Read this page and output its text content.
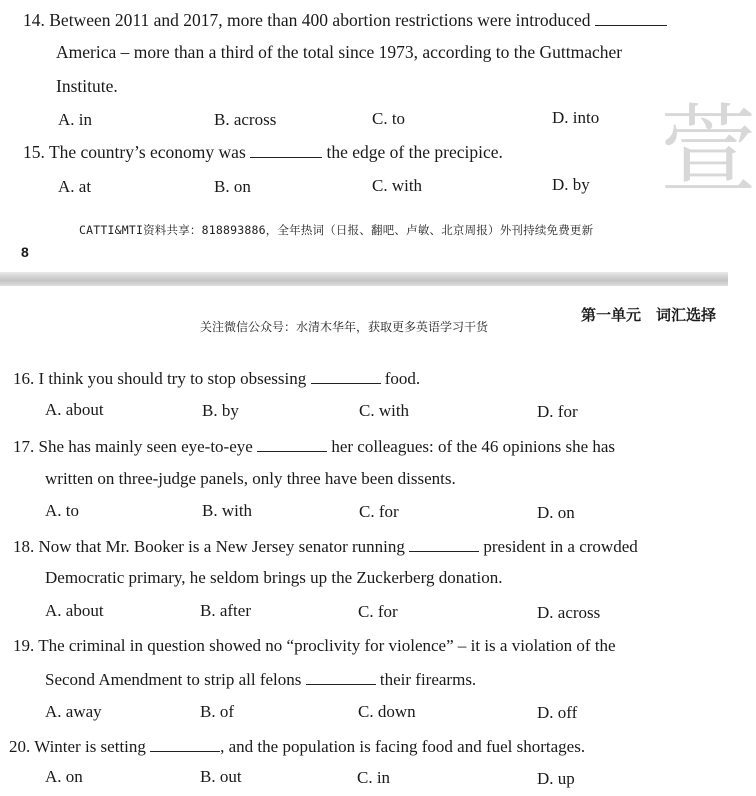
14. Between 2011 and 2017, more than 400 abortion restrictions were introduced
America – more than a third of the total since 1973, according to the Guttmacher
Institute.
A. in	B. across	C. to	D. into
15. The country’s economy was	the edge of the precipice.
A. at	B. on	C. with	D. by
CATTI&MTI资料共享：818893886，全年热词（日报、翻吧、卢敏、北京周报）外刊持续免费更新
8
萱
关注微信公众号：水清木华年，获取更多英语学习干货
第一单元　词汇选择
16. I think you should try to stop obsessing	food.
A. about	B. by	C. with	D. for
17. She has mainly seen eye-to-eye	her colleagues: of the 46 opinions she has
written on three-judge panels, only three have been dissents.
A. to	B. with	C. for	D. on
18. Now that Mr. Booker is a New Jersey senator running	president in a crowded
Democratic primary, he seldom brings up the Zuckerberg donation.
A. about	B. after	C. for	D. across
19. The criminal in question showed no “proclivity for violence” – it is a violation of the
Second Amendment to strip all felons	their firearms.
A. away	B. of	C. down	D. off
20. Winter is setting	, and the population is facing food and fuel shortages.
A. on	B. out	C. in	D. up
